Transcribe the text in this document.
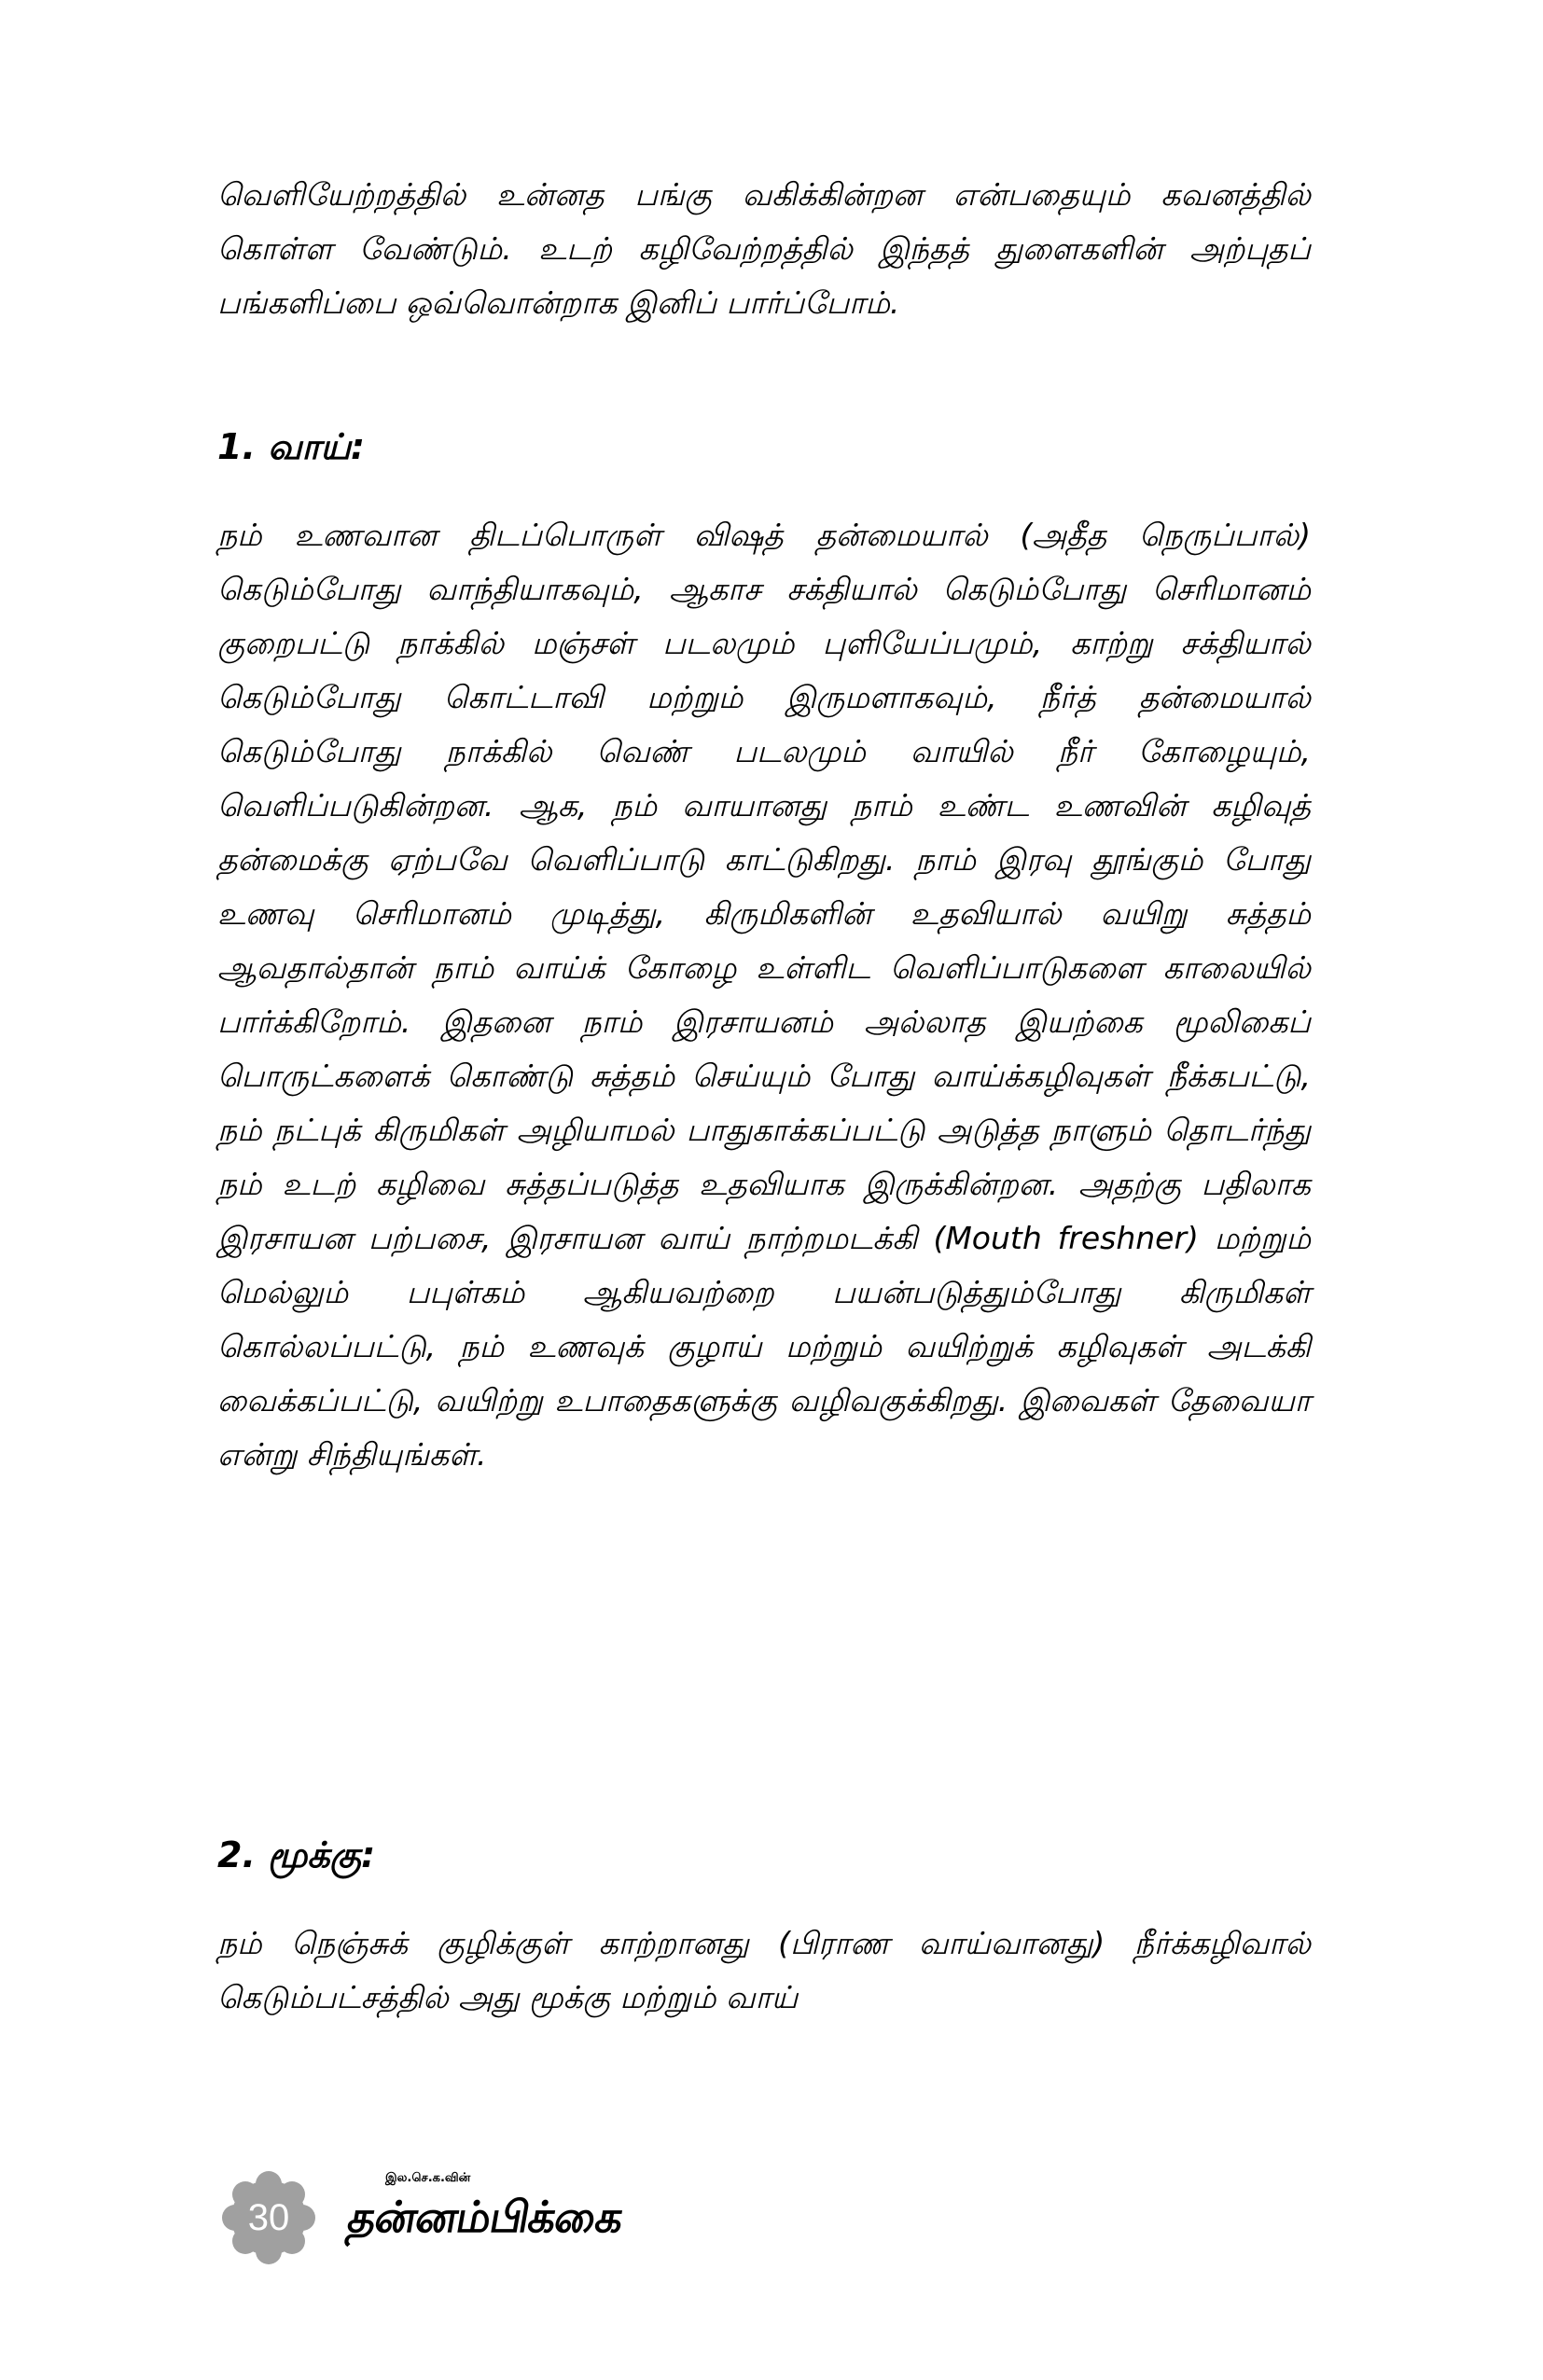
வெளியேற்றத்தில் உன்னத பங்கு வகிக்கின்றன என்பதையும் கவனத்தில் கொள்ள வேண்டும். உடற் கழிவேற்றத்தில் இந்தத் துளைகளின் அற்புதப் பங்களிப்பை ஒவ்வொன்றாக இனிப் பார்ப்போம்.

1. வாய்:

நம் உணவான திடப்பொருள் விஷத் தன்மையால் (அதீத நெருப்பால்) கெடும்போது வாந்தியாகவும், ஆகாச சக்தியால் கெடும்போது செரிமானம் குறைபட்டு நாக்கில் மஞ்சள் படலமும் புளியேப்பமும், காற்று சக்தியால் கெடும்போது கொட்டாவி மற்றும் இருமளாகவும், நீர்த் தன்மையால் கெடும்போது நாக்கில் வெண் படலமும் வாயில் நீர் கோழையும், வெளிப்படுகின்றன. ஆக, நம் வாயானது நாம் உண்ட உணவின் கழிவுத் தன்மைக்கு ஏற்பவே வெளிப்பாடு காட்டுகிறது. நாம் இரவு தூங்கும் போது உணவு செரிமானம் முடித்து, கிருமிகளின் உதவியால் வயிறு சுத்தம் ஆவதால்தான் நாம் வாய்க் கோழை உள்ளிட வெளிப்பாடுகளை காலையில் பார்க்கிறோம். இதனை நாம் இரசாயனம் அல்லாத இயற்கை மூலிகைப் பொருட்களைக் கொண்டு சுத்தம் செய்யும் போது வாய்க்கழிவுகள் நீக்கபட்டு, நம் நட்புக் கிருமிகள் அழியாமல் பாதுகாக்கப்பட்டு அடுத்த நாளும் தொடர்ந்து நம் உடற் கழிவை சுத்தப்படுத்த உதவியாக இருக்கின்றன. அதற்கு பதிலாக இரசாயன பற்பசை, இரசாயன வாய் நாற்றமடக்கி (Mouth freshner) மற்றும் மெல்லும் பபுள்கம் ஆகியவற்றை பயன்படுத்தும்போது கிருமிகள் கொல்லப்பட்டு, நம் உணவுக் குழாய் மற்றும் வயிற்றுக் கழிவுகள் அடக்கி வைக்கப்பட்டு, வயிற்று உபாதைகளுக்கு வழிவகுக்கிறது. இவைகள் தேவையா என்று சிந்தியுங்கள்.

2. மூக்கு:

நம் நெஞ்சுக் குழிக்குள் காற்றானது (பிராண வாய்வானது) நீர்க்கழிவால் கெடும்பட்சத்தில் அது மூக்கு மற்றும் வாய்

30
இல.செ.க.வின்
தன்னம்பிக்கை
